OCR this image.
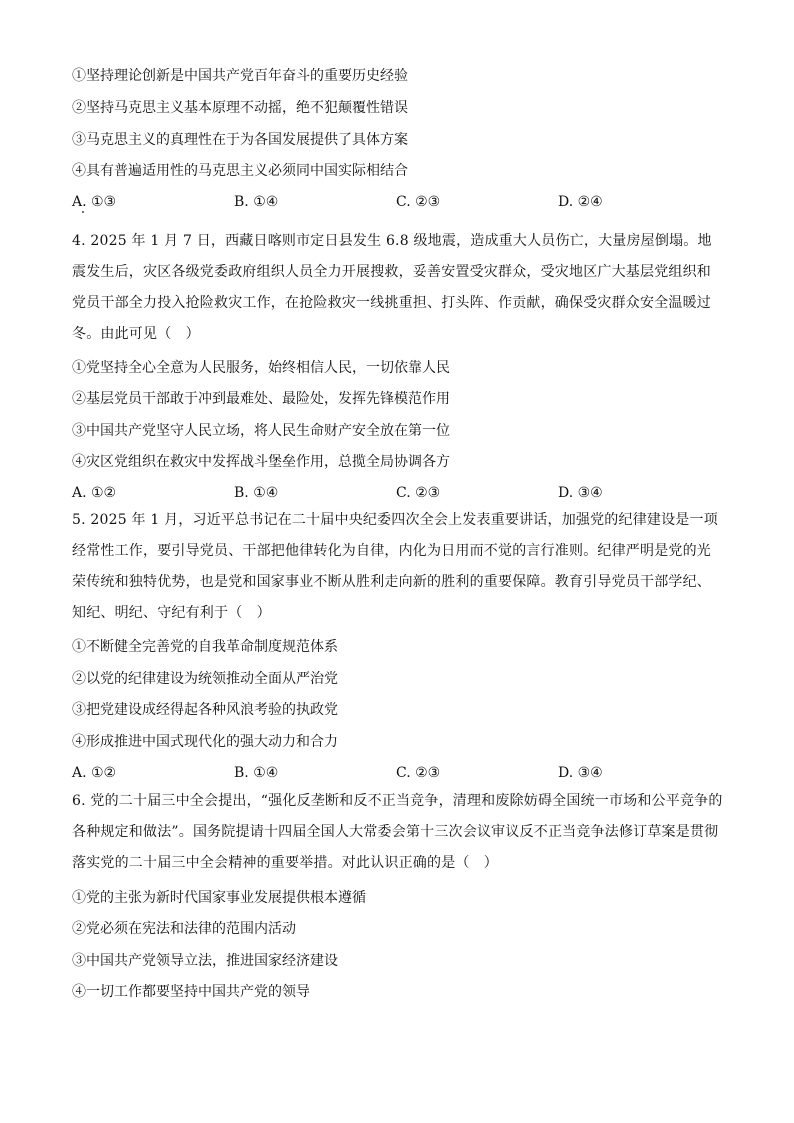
①坚持理论创新是中国共产党百年奋斗的重要历史经验
②坚持马克思主义基本原理不动摇，绝不犯颠覆性错误
③马克思主义的真理性在于为各国发展提供了具体方案
④具有普遍适用性的马克思主义必须同中国实际相结合
A. ①③	B. ①④	C. ②③	D. ②④
4. 2025 年 1 月 7 日，西藏日喀则市定日县发生 6.8 级地震，造成重大人员伤亡，大量房屋倒塌。地震发生后，灾区各级党委政府组织人员全力开展搜救，妥善安置受灾群众，受灾地区广大基层党组织和党员干部全力投入抢险救灾工作，在抢险救灾一线挑重担、打头阵、作贡献，确保受灾群众安全温暖过冬。由此可见（　）
①党坚持全心全意为人民服务，始终相信人民，一切依靠人民
②基层党员干部敢于冲到最难处、最险处，发挥先锋模范作用
③中国共产党坚守人民立场，将人民生命财产安全放在第一位
④灾区党组织在救灾中发挥战斗堡垒作用，总揽全局协调各方
A. ①②	B. ①④	C. ②③	D. ③④
5. 2025 年 1 月，习近平总书记在二十届中央纪委四次全会上发表重要讲话，加强党的纪律建设是一项经常性工作，要引导党员、干部把他律转化为自律，内化为日用而不觉的言行准则。纪律严明是党的光荣传统和独特优势，也是党和国家事业不断从胜利走向新的胜利的重要保障。教育引导党员干部学纪、知纪、明纪、守纪有利于（　）
①不断健全完善党的自我革命制度规范体系
②以党的纪律建设为统领推动全面从严治党
③把党建设成经得起各种风浪考验的执政党
④形成推进中国式现代化的强大动力和合力
A. ①②	B. ①④	C. ②③	D. ③④
6. 党的二十届三中全会提出，“强化反垄断和反不正当竞争，清理和废除妨碍全国统一市场和公平竞争的各种规定和做法”。国务院提请十四届全国人大常委会第十三次会议审议反不正当竞争法修订草案是贯彻落实党的二十届三中全会精神的重要举措。对此认识正确的是（　）
①党的主张为新时代国家事业发展提供根本遵循
②党必须在宪法和法律的范围内活动
③中国共产党领导立法，推进国家经济建设
④一切工作都要坚持中国共产党的领导
